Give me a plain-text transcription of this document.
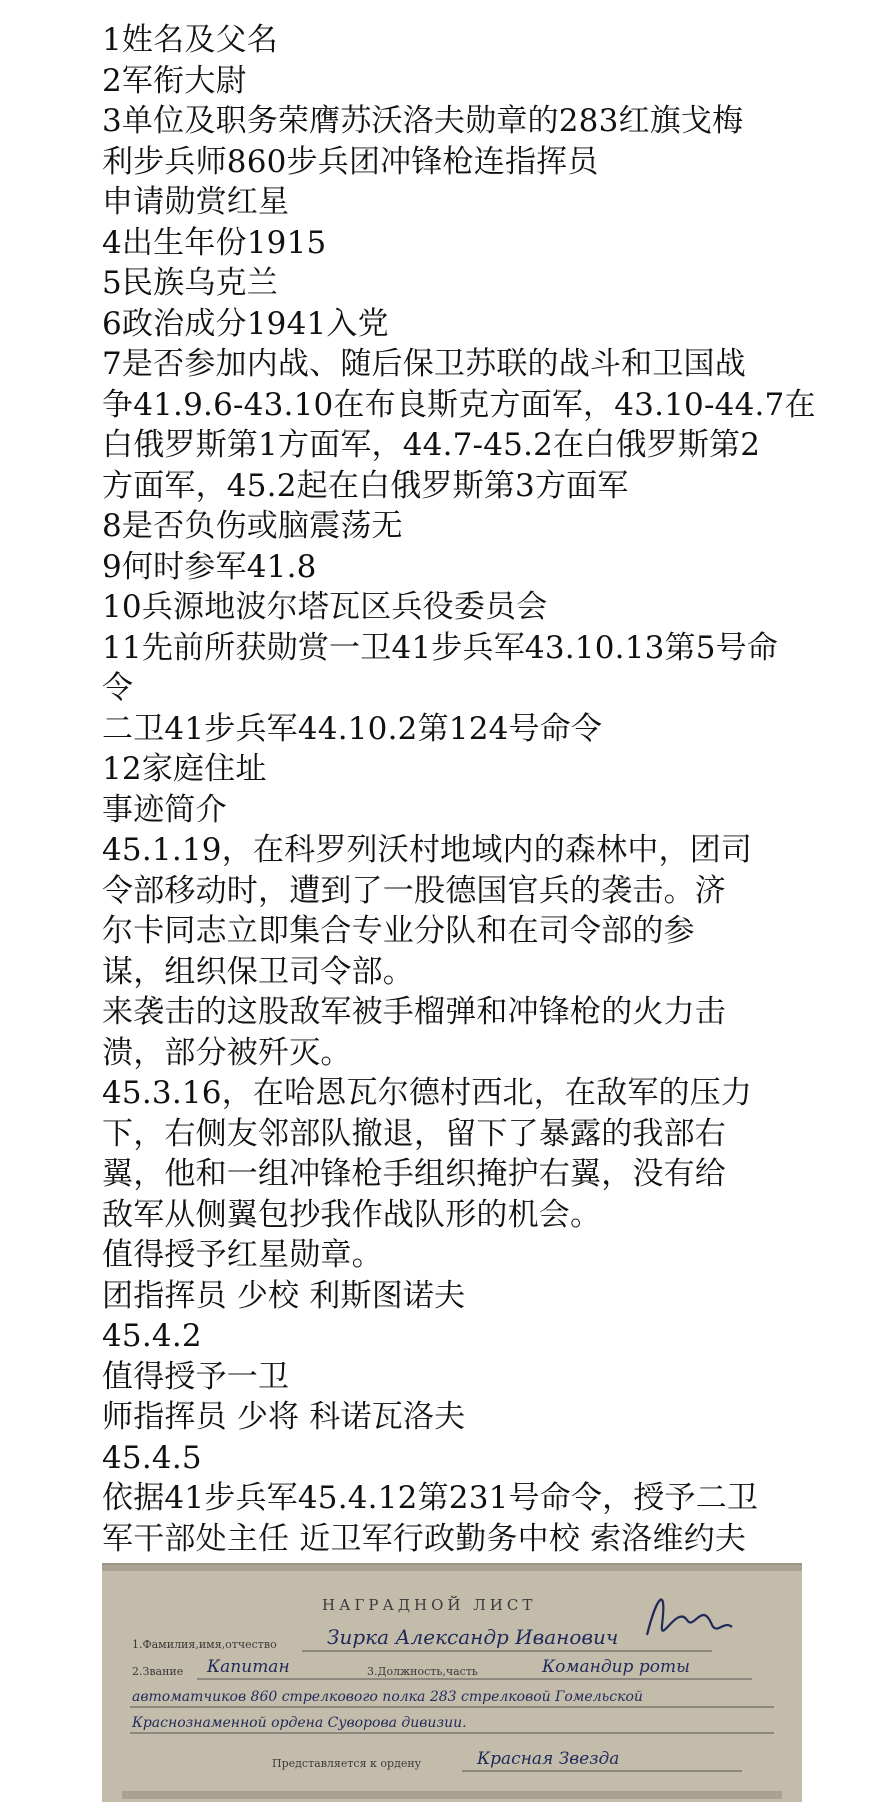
1姓名及父名
2军衔大尉
3单位及职务荣膺苏沃洛夫勋章的283红旗戈梅
利步兵师860步兵团冲锋枪连指挥员
申请勋赏红星
4出生年份1915
5民族乌克兰
6政治成分1941入党
7是否参加内战、随后保卫苏联的战斗和卫国战
争41.9.6-43.10在布良斯克方面军，43.10-44.7在
白俄罗斯第1方面军，44.7-45.2在白俄罗斯第2
方面军，45.2起在白俄罗斯第3方面军
8是否负伤或脑震荡无
9何时参军41.8
10兵源地波尔塔瓦区兵役委员会
11先前所获勋赏一卫41步兵军43.10.13第5号命
令
二卫41步兵军44.10.2第124号命令
12家庭住址
事迹简介
45.1.19，在科罗列沃村地域内的森林中，团司
令部移动时，遭到了一股德国官兵的袭击。济
尔卡同志立即集合专业分队和在司令部的参
谋，组织保卫司令部。
来袭击的这股敌军被手榴弹和冲锋枪的火力击
溃，部分被歼灭。
45.3.16，在哈恩瓦尔德村西北，在敌军的压力
下，右侧友邻部队撤退，留下了暴露的我部右
翼，他和一组冲锋枪手组织掩护右翼，没有给
敌军从侧翼包抄我作战队形的机会。
值得授予红星勋章。
团指挥员 少校 利斯图诺夫
45.4.2
值得授予一卫
师指挥员 少将 科诺瓦洛夫
45.4.5
依据41步兵军45.4.12第231号命令，授予二卫
军干部处主任 近卫军行政勤务中校 索洛维约夫
НАГРАДНОЙ ЛИСТ
1.Фамилия,имя,отчество	Зирка Александр Иванович
2.Звание Капитан	3.Должность,часть	Командир роты
автоматчиков 860 стрелкового полка 283 стрелковой Гомельской
Краснознаменной ордена Суворова дивизии.
Представляется к ордену	Красная Звезда
